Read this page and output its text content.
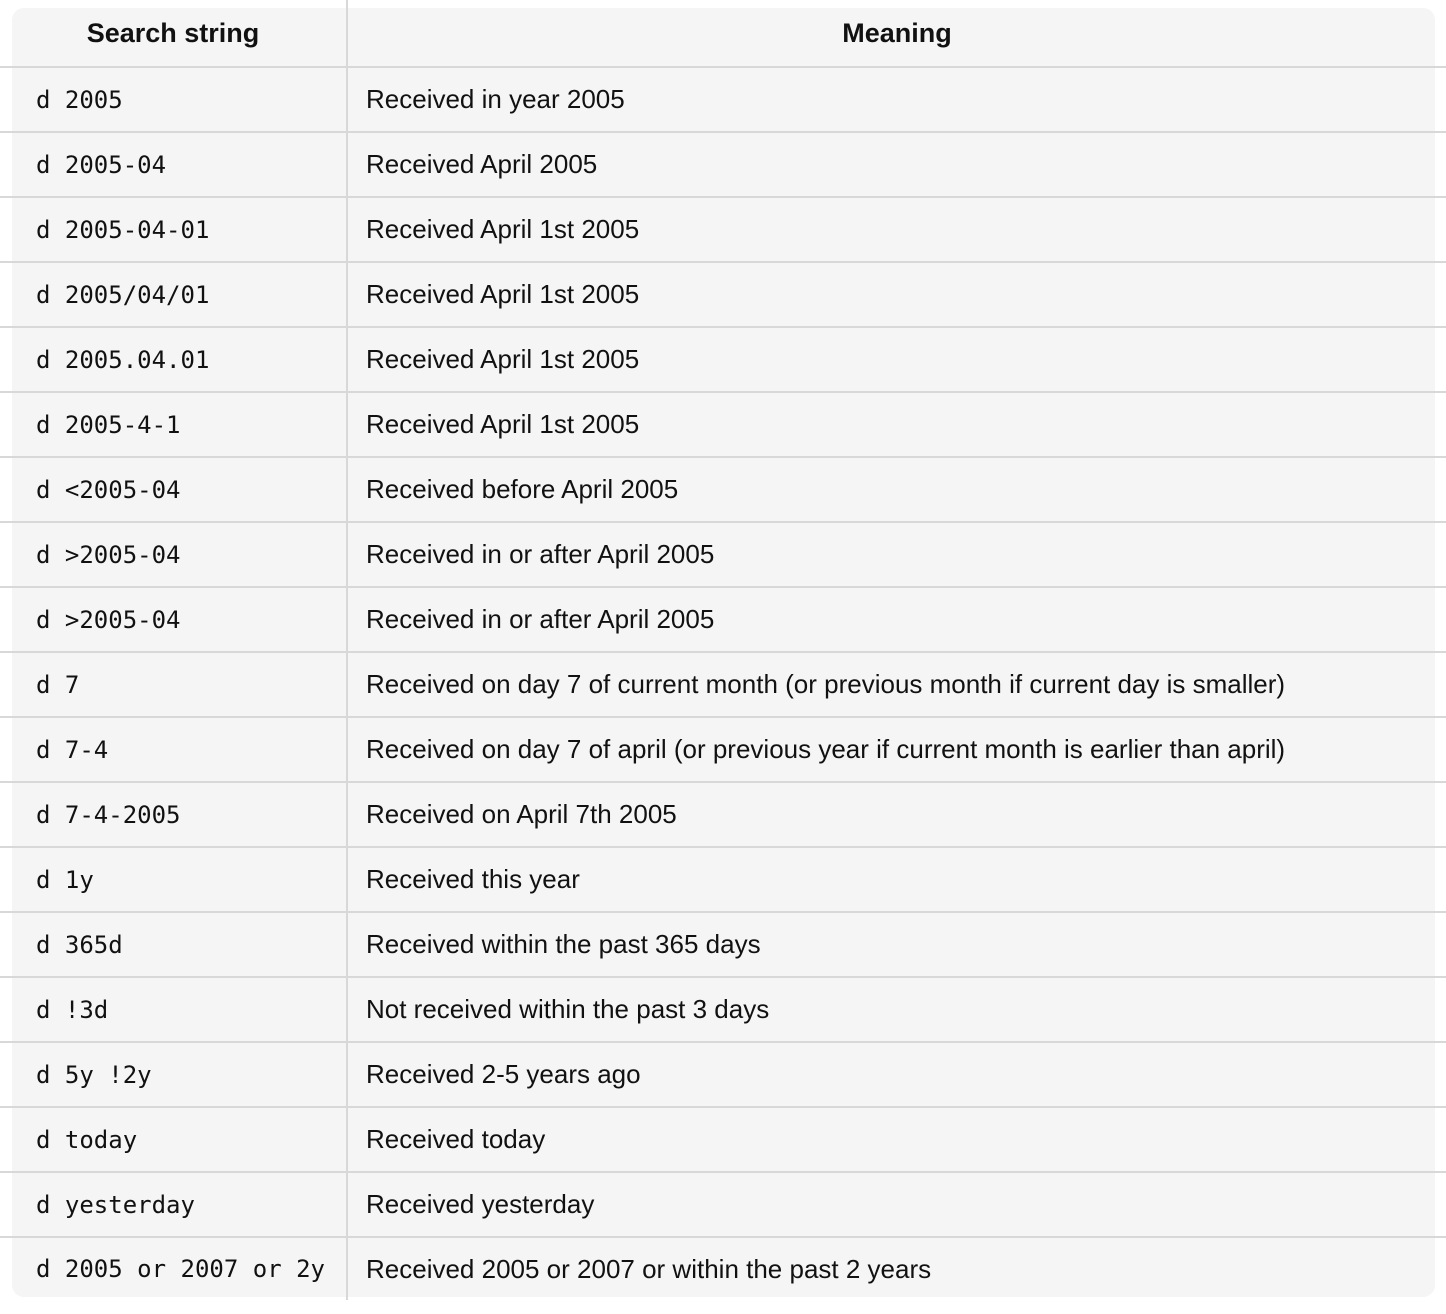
Search string	Meaning
d 2005	Received in year 2005
d 2005-04	Received April 2005
d 2005-04-01	Received April 1st 2005
d 2005/04/01	Received April 1st 2005
d 2005.04.01	Received April 1st 2005
d 2005-4-1	Received April 1st 2005
d <2005-04	Received before April 2005
d >2005-04	Received in or after April 2005
d >2005-04	Received in or after April 2005
d 7	Received on day 7 of current month (or previous month if current day is smaller)
d 7-4	Received on day 7 of april (or previous year if current month is earlier than april)
d 7-4-2005	Received on April 7th 2005
d 1y	Received this year
d 365d	Received within the past 365 days
d !3d	Not received within the past 3 days
d 5y !2y	Received 2-5 years ago
d today	Received today
d yesterday	Received yesterday
d 2005 or 2007 or 2y	Received 2005 or 2007 or within the past 2 years
